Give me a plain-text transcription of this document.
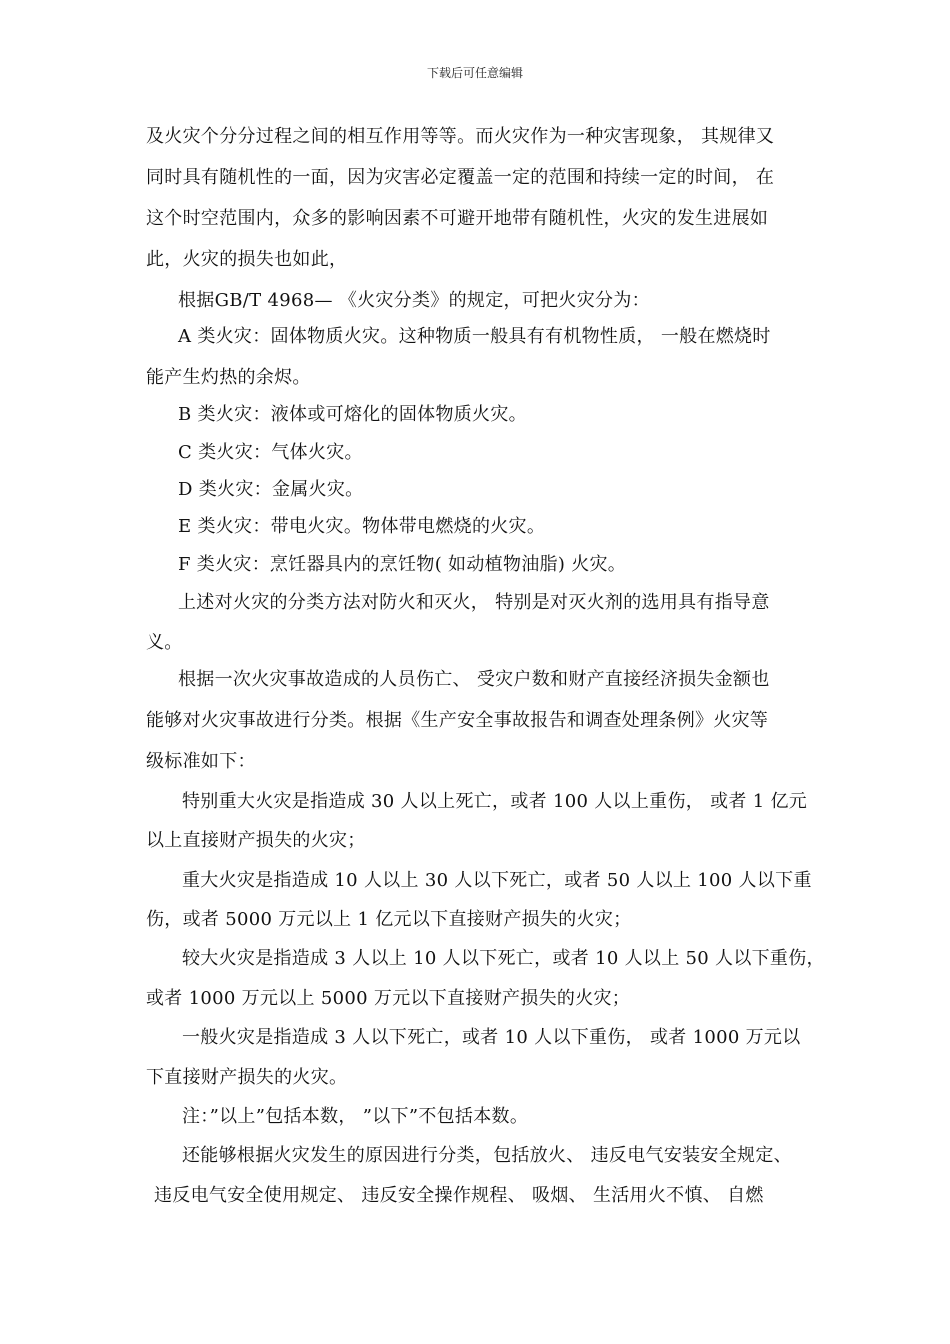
下载后可任意编辑
及火灾个分分过程之间的相互作用等等。而火灾作为一种灾害现象， 其规律又
同时具有随机性的一面，因为灾害必定覆盖一定的范围和持续一定的时间， 在
这个时空范围内，众多的影响因素不可避开地带有随机性，火灾的发生进展如
此，火灾的损失也如此，
根据GB/T 4968— 《火灾分类》的规定，可把火灾分为：
A 类火灾：固体物质火灾。这种物质一般具有有机物性质， 一般在燃烧时
能产生灼热的余烬。
B 类火灾：液体或可熔化的固体物质火灾。
C 类火灾：气体火灾。
D 类火灾：金属火灾。
E 类火灾：带电火灾。物体带电燃烧的火灾。
F 类火灾：烹饪器具内的烹饪物( 如动植物油脂) 火灾。
上述对火灾的分类方法对防火和灭火， 特别是对灭火剂的选用具有指导意
义。
根据一次火灾事故造成的人员伤亡、 受灾户数和财产直接经济损失金额也
能够对火灾事故进行分类。根据《生产安全事故报告和调查处理条例》火灾等
级标准如下：
特别重大火灾是指造成 30 人以上死亡，或者 100 人以上重伤， 或者 1 亿元
以上直接财产损失的火灾；
重大火灾是指造成 10 人以上 30 人以下死亡，或者 50 人以上 100 人以下重
伤，或者 5000 万元以上 1 亿元以下直接财产损失的火灾；
较大火灾是指造成 3 人以上 10 人以下死亡，或者 10 人以上 50 人以下重伤，
或者 1000 万元以上 5000 万元以下直接财产损失的火灾；
一般火灾是指造成 3 人以下死亡，或者 10 人以下重伤， 或者 1000 万元以
下直接财产损失的火灾。
注：”以上”包括本数， ”以下”不包括本数。
还能够根据火灾发生的原因进行分类，包括放火、 违反电气安装安全规定、
违反电气安全使用规定、 违反安全操作规程、 吸烟、 生活用火不慎、 自燃
